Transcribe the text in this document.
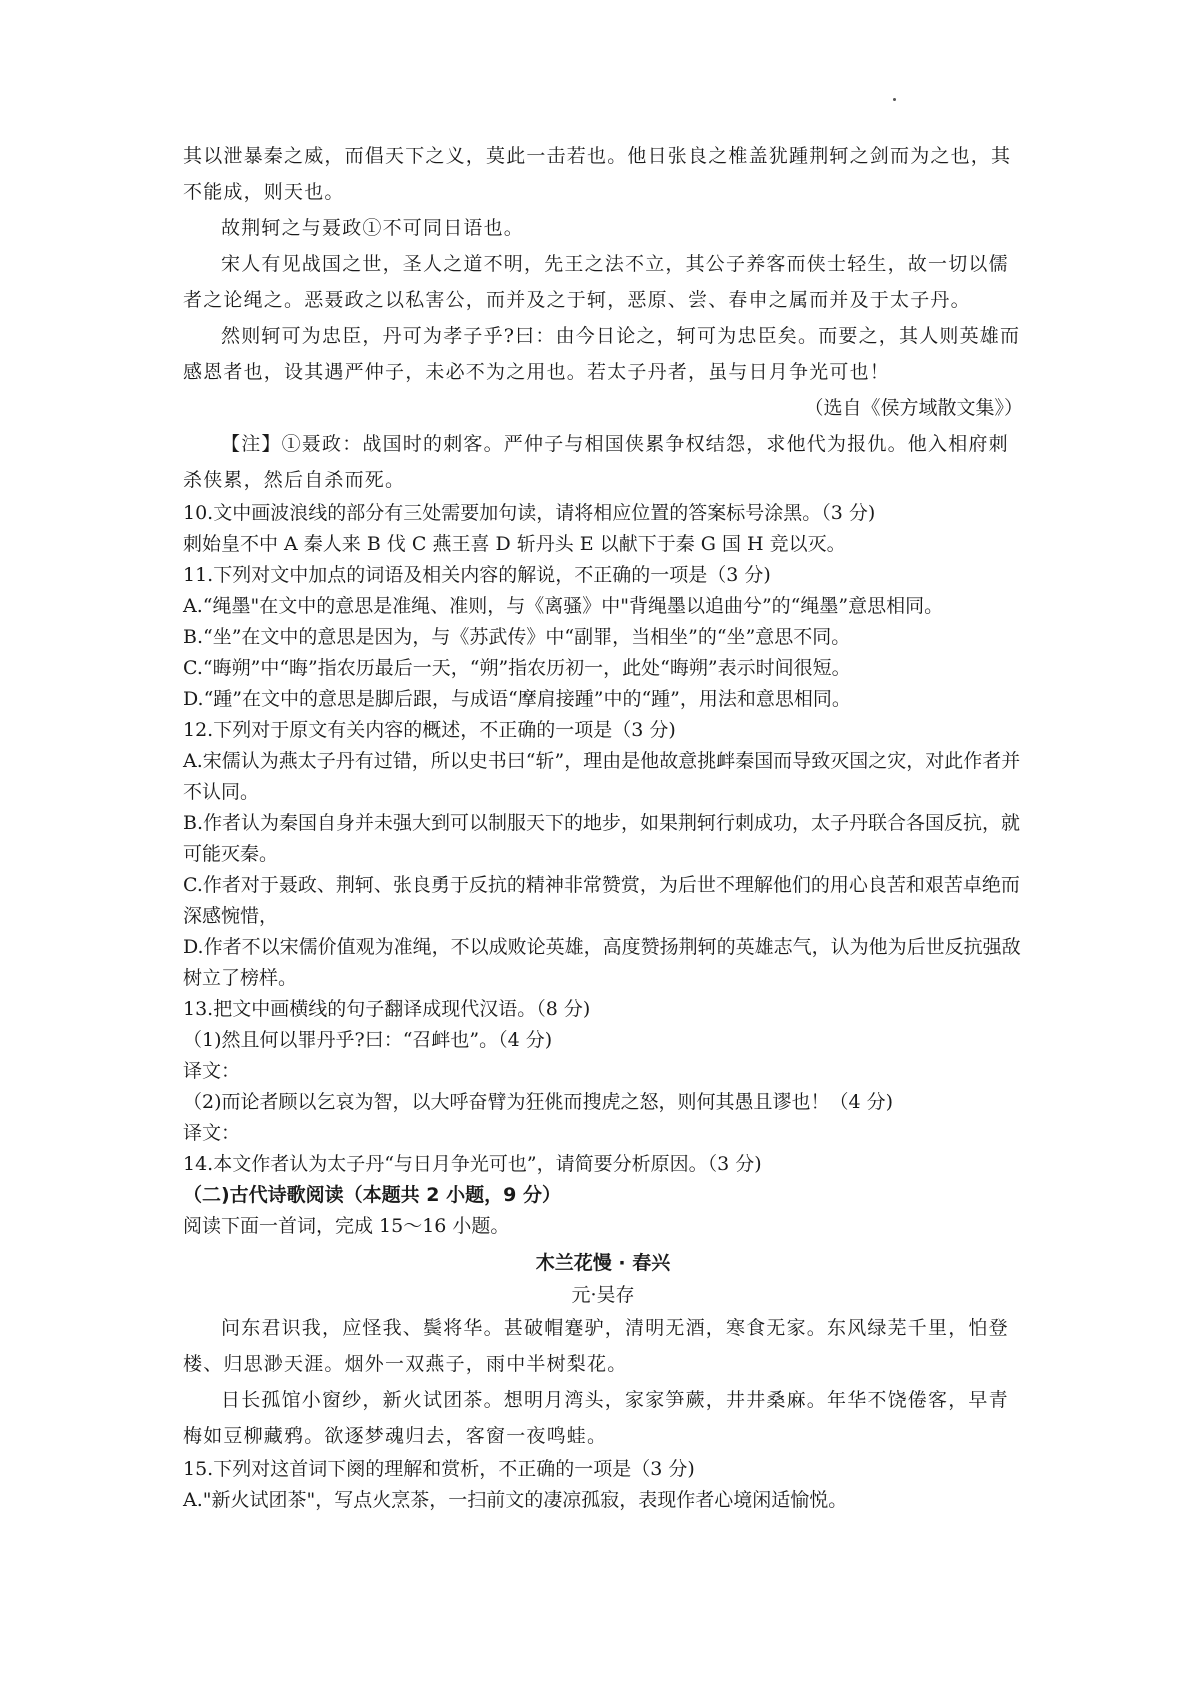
其以泄暴秦之威，而倡天下之义，莫此一击若也。他日张良之椎盖犹踵荆轲之剑而为之也，其不能成，则天也。

故荆轲之与聂政①不可同日语也。

宋人有见战国之世，圣人之道不明，先王之法不立，其公子养客而侠士轻生，故一切以儒者之论绳之。恶聂政之以私害公，而并及之于轲，恶原、尝、春申之属而并及于太子丹。

然则轲可为忠臣，丹可为孝子乎?曰：由今日论之，轲可为忠臣矣。而要之，其人则英雄而感恩者也，设其遇严仲子，未必不为之用也。若太子丹者，虽与日月争光可也！

（选自《侯方域散文集》）

【注】①聂政：战国时的刺客。严仲子与相国侠累争权结怨，求他代为报仇。他入相府刺杀侠累，然后自杀而死。

10.文中画波浪线的部分有三处需要加句读，请将相应位置的答案标号涂黑。（3 分)

刺始皇不中 A 秦人来 B 伐 C 燕王喜 D 斩丹头 E 以献下于秦 G 国 H 竞以灭。

11.下列对文中加点的词语及相关内容的解说，不正确的一项是（3 分)

A.“绳墨"在文中的意思是准绳、准则，与《离骚》中"背绳墨以追曲兮”的“绳墨”意思相同。

B.“坐”在文中的意思是因为，与《苏武传》中“副罪，当相坐”的“坐”意思不同。

C.“晦朔”中“晦”指农历最后一天，“朔”指农历初一，此处“晦朔”表示时间很短。

D.“踵”在文中的意思是脚后跟，与成语“摩肩接踵”中的“踵”，用法和意思相同。

12.下列对于原文有关内容的概述，不正确的一项是（3 分)

A.宋儒认为燕太子丹有过错，所以史书曰“斩”，理由是他故意挑衅秦国而导致灭国之灾，对此作者并不认同。

B.作者认为秦国自身并未强大到可以制服天下的地步，如果荆轲行刺成功，太子丹联合各国反抗，就可能灭秦。

C.作者对于聂政、荆轲、张良勇于反抗的精神非常赞赏，为后世不理解他们的用心良苦和艰苦卓绝而深感惋惜，

D.作者不以宋儒价值观为准绳，不以成败论英雄，高度赞扬荆轲的英雄志气，认为他为后世反抗强敌树立了榜样。

13.把文中画横线的句子翻译成现代汉语。（8 分)

（1)然且何以罪丹乎?曰：“召衅也”。（4 分)

译文：

（2)而论者顾以乞哀为智，以大呼奋臂为狂佻而搜虎之怒，则何其愚且谬也！（4 分)

译文：

14.本文作者认为太子丹“与日月争光可也”，请简要分析原因。（3 分)

（二)古代诗歌阅读（本题共 2 小题，9 分）

阅读下面一首词，完成 15～16 小题。

木兰花慢 · 春兴

元·吴存

问东君识我，应怪我、鬓将华。甚破帽蹇驴，清明无酒，寒食无家。东风绿芜千里，怕登楼、归思渺天涯。烟外一双燕子，雨中半树梨花。

日长孤馆小窗纱，新火试团茶。想明月湾头，家家笋蕨，井井桑麻。年华不饶倦客，早青梅如豆柳藏鸦。欲逐梦魂归去，客窗一夜鸣蛙。

15.下列对这首词下阕的理解和赏析，不正确的一项是（3 分)

A."新火试团茶"，写点火烹茶，一扫前文的凄凉孤寂，表现作者心境闲适愉悦。
